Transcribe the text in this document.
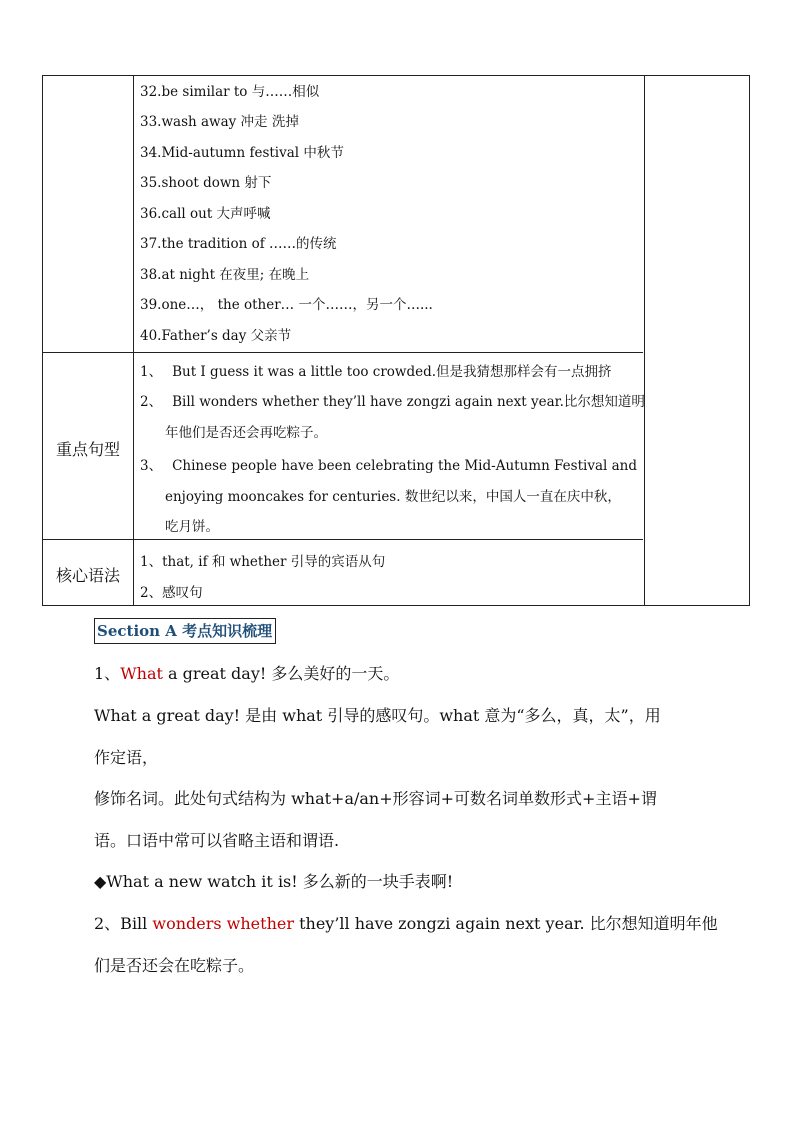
32.be similar to 与……相似
33.wash away 冲走 洗掉
34.Mid-autumn festival 中秋节
35.shoot down 射下
36.call out 大声呼喊
37.the tradition of ……的传统
38.at night 在夜里; 在晚上
39.one…， the other… 一个……，另一个…...
40.Father’s day 父亲节
重点句型
1、 But I guess it was a little too crowded.但是我猜想那样会有一点拥挤
2、 Bill wonders whether they’ll have zongzi again next year.比尔想知道明
年他们是否还会再吃粽子。
3、 Chinese people have been celebrating the Mid-Autumn Festival and
enjoying mooncakes for centuries. 数世纪以来，中国人一直在庆中秋，
吃月饼。
核心语法
1、that, if 和 whether 引导的宾语从句
2、感叹句
Section A 考点知识梳理
1、What a great day! 多么美好的一天。
What a great day! 是由 what 引导的感叹句。what 意为“多么，真，太”，用
作定语，
修饰名词。此处句式结构为 what+a/an+形容词+可数名词单数形式+主语+谓
语。口语中常可以省略主语和谓语.
◆What a new watch it is! 多么新的一块手表啊!
2、Bill wonders whether they’ll have zongzi again next year. 比尔想知道明年他
们是否还会在吃粽子。
